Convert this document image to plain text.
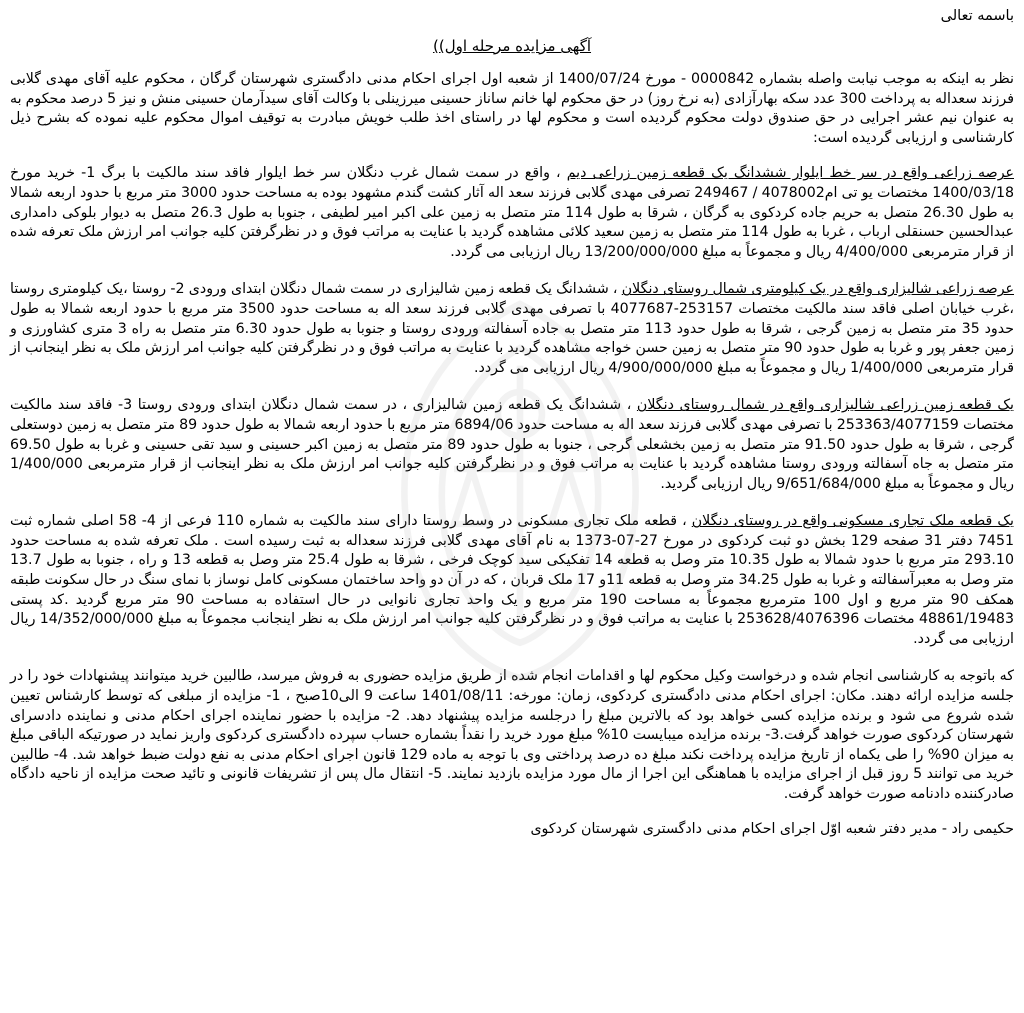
باسمه تعالی

آگهی مزایده مرحله اول))

نظر به اینکه به موجب نیابت واصله بشماره 0000842 - مورخ 1400/07/24 از شعبه اول اجرای احکام مدنی دادگستری شهرستان گرگان ، محکوم علیه آقای مهدی گلابی فرزند سعداله به پرداخت 300 عدد سکه بهارآزادی (به نرخ روز) در حق محکوم لها خانم ساناز حسینی میرزینلی با وکالت آقای سیدآرمان حسینی منش و نیز 5 درصد محکوم به به عنوان نیم عشر اجرایی در حق صندوق دولت محکوم گردیده است و محکوم لها در راستای اخذ طلب خویش مبادرت به توقیف اموال محکوم علیه نموده که بشرح ذیل کارشناسی و ارزیابی گردیده است:

عرصه زراعی واقع در سر خط ایلوار ششدانگ یک قطعه زمین زراعی دیم ، واقع در سمت شمال غرب دنگلان سر خط ایلوار فاقد سند مالکیت با برگ 1- خرید مورخ 1400/03/18 مختصات یو تی ام4078002 / 249467 تصرفی مهدی گلابی فرزند سعد اله آثار کشت گندم مشهود بوده به مساحت حدود 3000 متر مربع با حدود اربعه شمالا به طول 26.30 متصل به حریم جاده کردکوی به گرگان ، شرقا به طول 114 متر متصل به زمین علی اکبر امیر لطیفی ، جنوبا به طول 26.3 متصل به دیوار بلوکی دامداری عبدالحسین حسنقلی ارباب ، غربا به طول 114 متر متصل به زمین سعید کلائی مشاهده گردید با عنایت به مراتب فوق و در نظرگرفتن کلیه جوانب امر ارزش ملک تعرفه شده از قرار مترمربعی 4/400/000 ریال و مجموعاً به مبلغ 13/200/000/000 ریال ارزیابی می گردد.

عرصه زراعی شالیزاری واقع در یک کیلومتری شمال روستای دنگلان ، ششدانگ یک قطعه زمین شالیزاری در سمت شمال دنگلان ابتدای ورودی 2- روستا ،یک کیلومتری روستا ،غرب خیابان اصلی فاقد سند مالکیت مختصات 253157-4077687 با تصرفی مهدی گلابی فرزند سعد اله به مساحت حدود 3500 متر مربع با حدود اربعه شمالا به طول حدود 35 متر متصل به زمین گرجی ، شرقا به طول حدود 113 متر متصل به جاده آسفالته ورودی روستا و جنوبا به طول حدود 6.30 متر متصل به راه 3 متری کشاورزی و زمین جعفر پور و غربا به طول حدود 90 متر متصل به زمین حسن خواجه مشاهده گردید با عنایت به مراتب فوق و در نظرگرفتن کلیه جوانب امر ارزش ملک به نظر اینجانب از قرار مترمربعی 1/400/000 ریال و مجموعاً به مبلغ 4/900/000/000 ریال ارزیابی می گردد.

یک قطعه زمین زراعی شالیزاری واقع در شمال روستای دنگلان ، ششدانگ یک قطعه زمین شالیزاری ، در سمت شمال دنگلان ابتدای ورودی روستا 3- فاقد سند مالکیت مختصات 253363/4077159 با تصرفی مهدی گلابی فرزند سعد اله به مساحت حدود 6894/06 متر مربع با حدود اربعه شمالا به طول حدود 89 متر متصل به زمین دوستعلی گرجی ، شرقا به طول حدود 91.50 متر متصل به زمین بخشعلی گرجی ، جنوبا به طول حدود 89 متر متصل به زمین اکبر حسینی و سید تقی حسینی و غربا به طول 69.50 متر متصل به جاه آسفالته ورودی روستا مشاهده گردید با عنایت به مراتب فوق و در نظرگرفتن کلیه جوانب امر ارزش ملک به نظر اینجانب از قرار مترمربعی 1/400/000 ریال و مجموعاً به مبلغ 9/651/684/000 ریال ارزیابی گردید.

یک قطعه ملک تجاری مسکونی واقع در روستای دنگلان ، قطعه ملک تجاری مسکونی در وسط روستا دارای سند مالکیت به شماره 110 فرعی از 4- 58 اصلی شماره ثبت 7451 دفتر 31 صفحه 129 بخش دو ثبت کردکوی در مورخ 27-07-1373 به نام آقای مهدی گلابی فرزند سعداله به ثبت رسیده است . ملک تعرفه شده به مساحت حدود 293.10 متر مربع با حدود شمالا به طول 10.35 متر وصل به قطعه 14 تفکیکی سید کوچک فرخی ، شرقا به طول 25.4 متر وصل به قطعه 13 و راه ، جنوبا به طول 13.7 متر وصل به معبرآسفالته و غربا به طول 34.25 متر وصل به قطعه 11و 17 ملک قربان ، که در آن دو واحد ساختمان مسکونی کامل نوساز با نمای سنگ در حال سکونت طبقه همکف 90 متر مربع و اول 100 مترمربع مجموعاً به مساحت 190 متر مربع و یک واحد تجاری نانوایی در حال استفاده به مساحت 90 متر مربع گردید .کد پستی 48861/19483 مختصات 253628/4076396 با عنایت به مراتب فوق و در نظرگرفتن کلیه جوانب امر ارزش ملک به نظر اینجانب مجموعاً به مبلغ 14/352/000/000 ریال ارزیابی می گردد.

که باتوجه به کارشناسی انجام شده و درخواست وکیل محکوم لها و اقدامات انجام شده از طریق مزایده حضوری به فروش میرسد، طالبین خرید میتوانند پیشنهادات خود را در جلسه مزایده ارائه دهند. مکان: اجرای احکام مدنی دادگستری کردکوی، زمان: مورخه: 1401/08/11 ساعت 9 الی10صبح ، 1- مزایده از مبلغی که توسط کارشناس تعیین شده شروع می شود و برنده مزایده کسی خواهد بود که بالاترین مبلغ را درجلسه مزایده پیشنهاد دهد. 2- مزایده با حضور نماینده اجرای احکام مدنی و نماینده دادسرای شهرستان کردکوی صورت خواهد گرفت.3- برنده مزایده میبایست 10% مبلغ مورد خرید را نقداً بشماره حساب سپرده دادگستری کردکوی واریز نماید در صورتیکه الباقی مبلغ به میزان 90% را طی یکماه از تاریخ مزایده پرداخت نکند مبلغ ده درصد پرداختی وی با توجه به ماده 129 قانون اجرای احکام مدنی به نفع دولت ضبط خواهد شد. 4- طالبین خرید می توانند 5 روز قبل از اجرای مزایده با هماهنگی این اجرا از مال مورد مزایده بازدید نمایند. 5- انتقال مال پس از تشریفات قانونی و تائید صحت مزایده از ناحیه دادگاه صادرکننده دادنامه صورت خواهد گرفت.

حکیمی راد - مدیر دفتر شعبه اوّل اجرای احکام مدنی دادگستری شهرستان کردکوی
